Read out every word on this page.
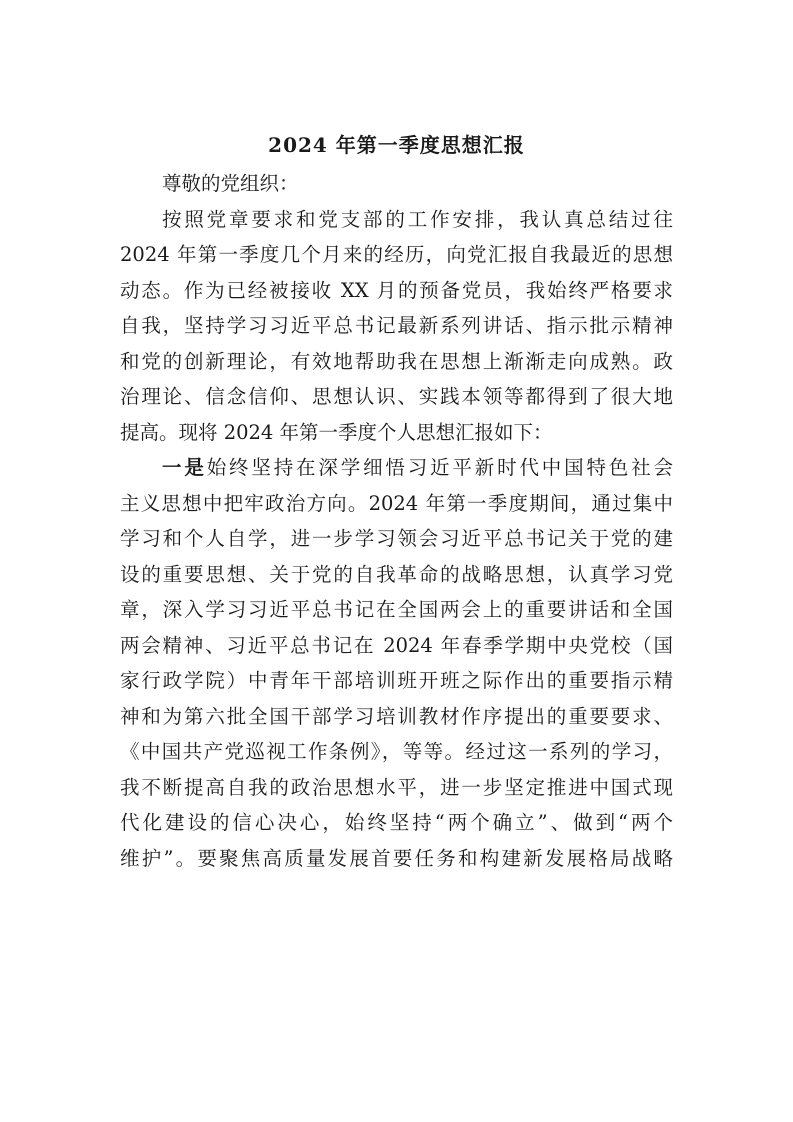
2024 年第一季度思想汇报
尊敬的党组织：
按照党章要求和党支部的工作安排，我认真总结过往
2024 年第一季度几个月来的经历，向党汇报自我最近的思想
动态。作为已经被接收 XX 月的预备党员，我始终严格要求
自我，坚持学习习近平总书记最新系列讲话、指示批示精神
和党的创新理论，有效地帮助我在思想上渐渐走向成熟。政
治理论、信念信仰、思想认识、实践本领等都得到了很大地
提高。现将 2024 年第一季度个人思想汇报如下：
一是始终坚持在深学细悟习近平新时代中国特色社会
主义思想中把牢政治方向。2024 年第一季度期间，通过集中
学习和个人自学，进一步学习领会习近平总书记关于党的建
设的重要思想、关于党的自我革命的战略思想，认真学习党
章，深入学习习近平总书记在全国两会上的重要讲话和全国
两会精神、习近平总书记在 2024 年春季学期中央党校（国
家行政学院）中青年干部培训班开班之际作出的重要指示精
神和为第六批全国干部学习培训教材作序提出的重要要求、
《中国共产党巡视工作条例》，等等。经过这一系列的学习，
我不断提高自我的政治思想水平，进一步坚定推进中国式现
代化建设的信心决心，始终坚持“两个确立”、做到“两个
维护”。要聚焦高质量发展首要任务和构建新发展格局战略
